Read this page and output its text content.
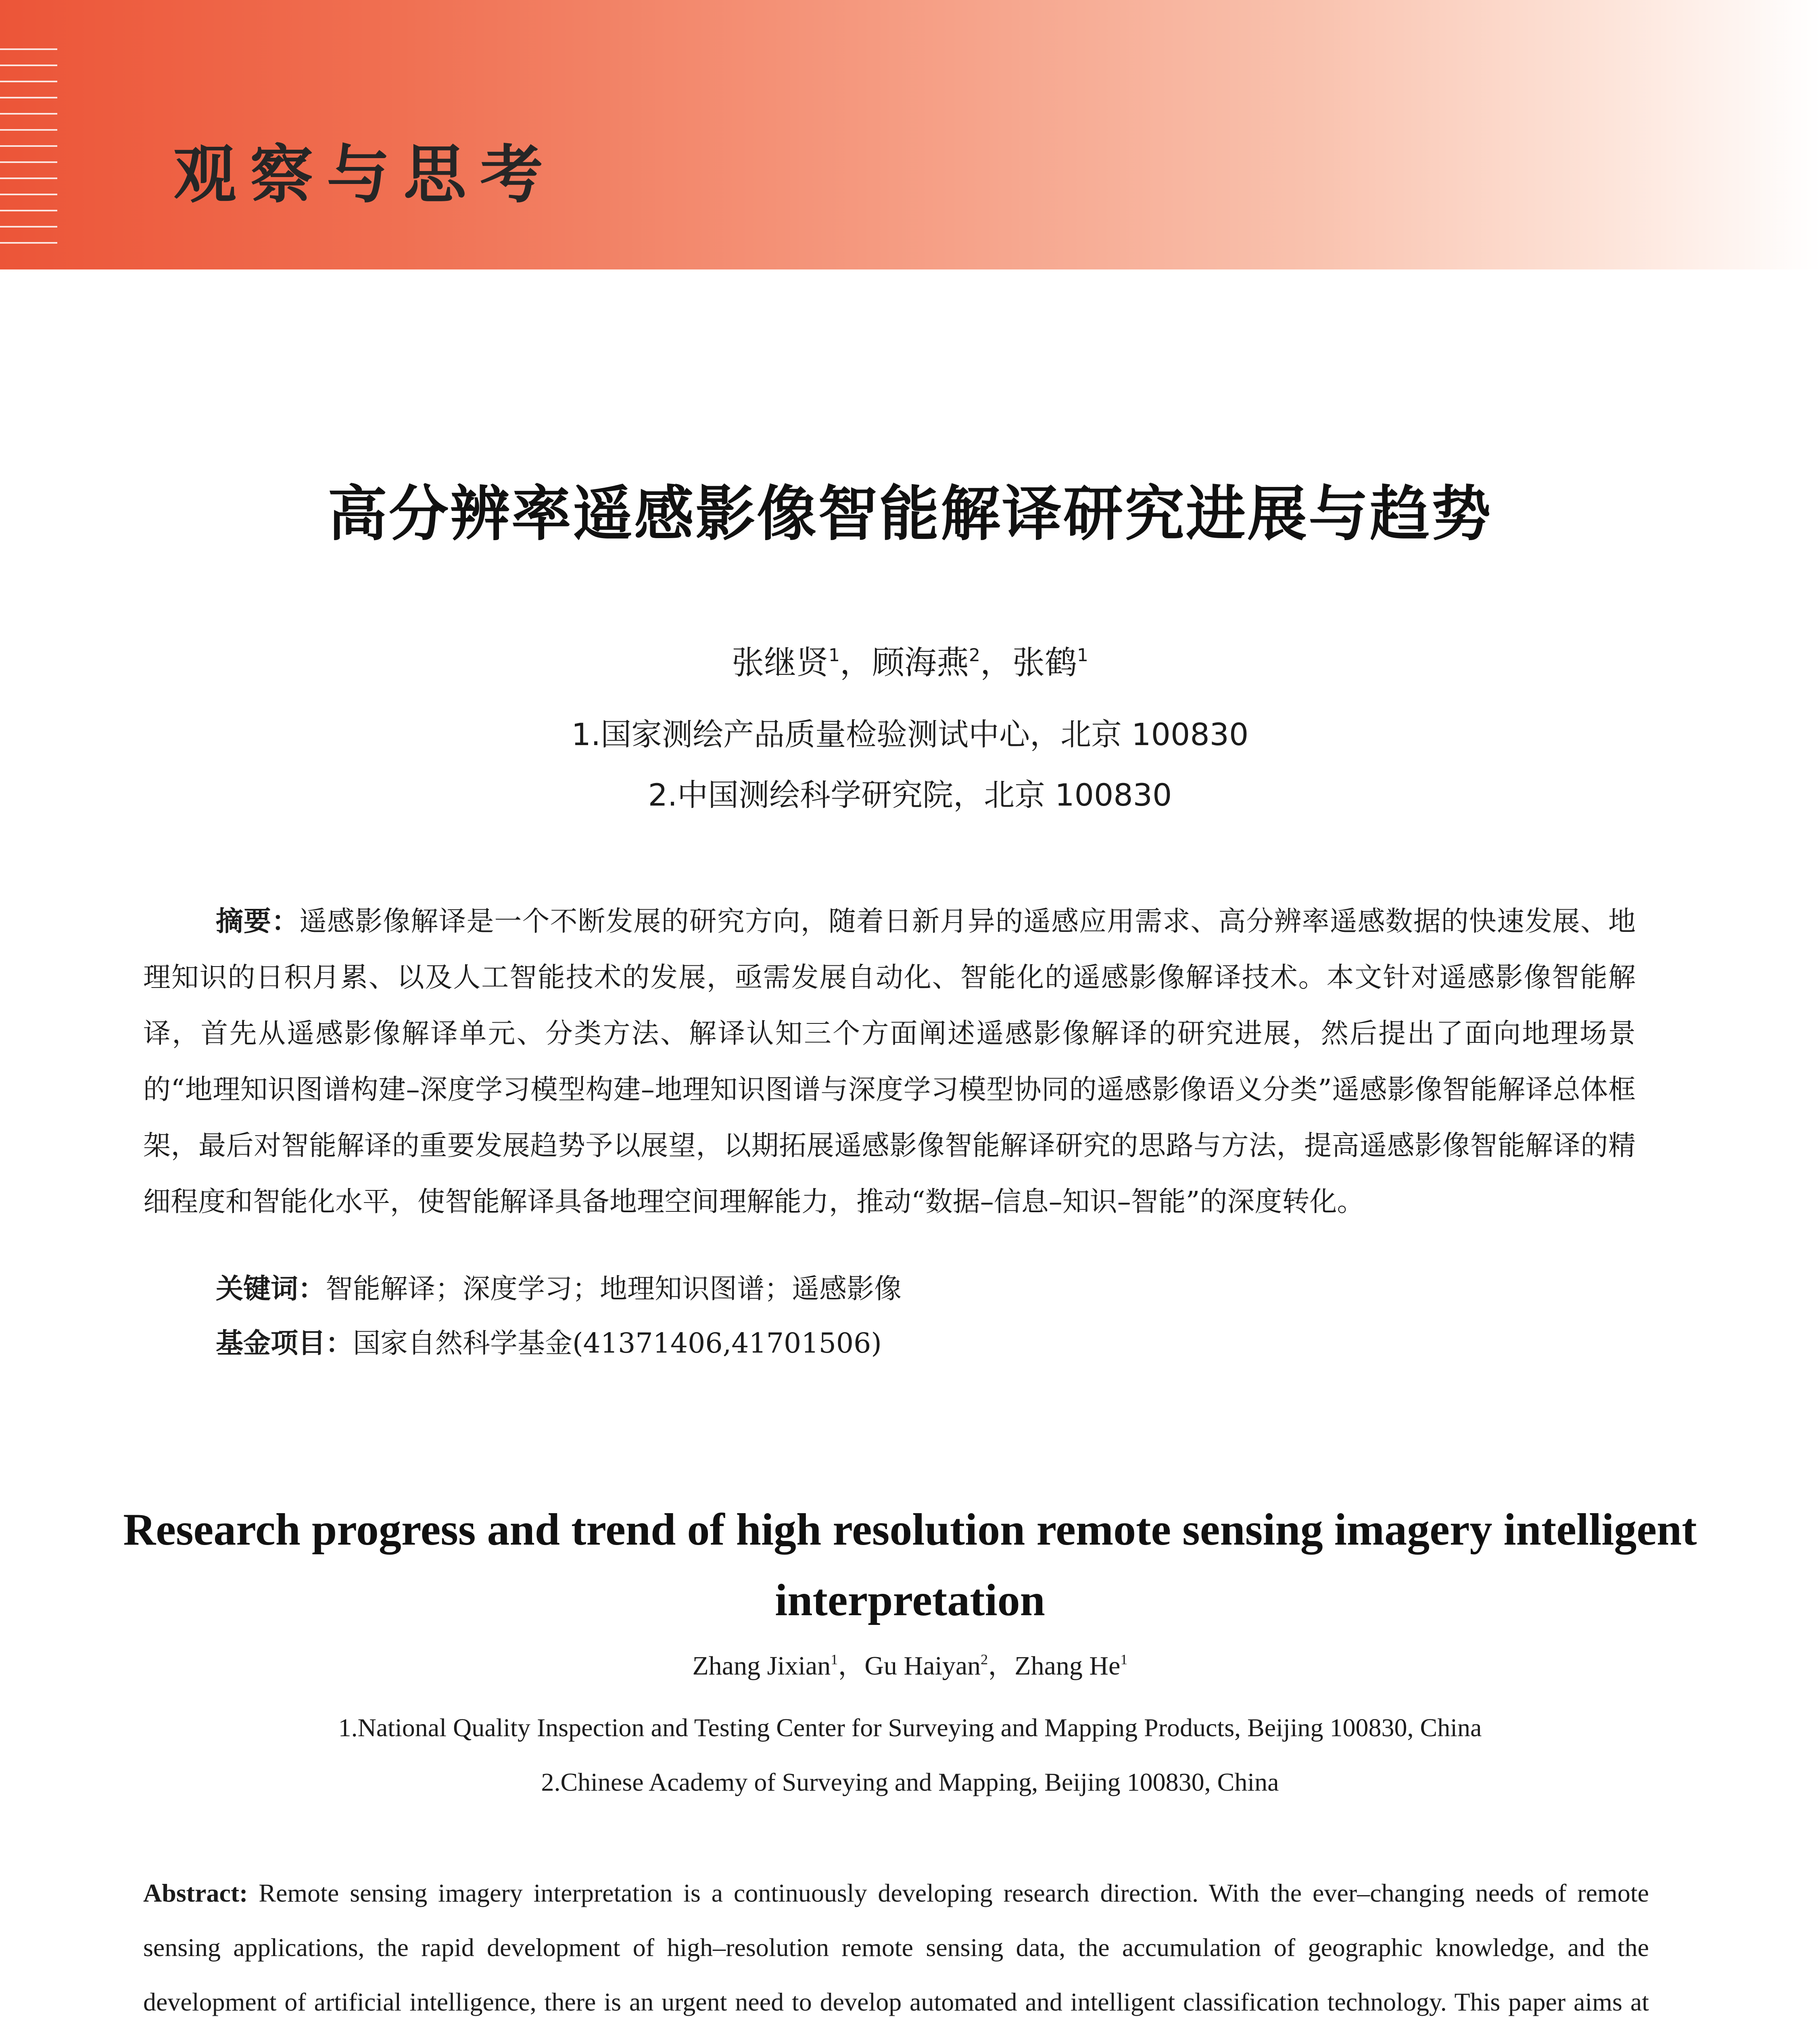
观察与思考
高分辨率遥感影像智能解译研究进展与趋势
张继贤$^1$，顾海燕$^2$，张鹤$^1$
1.国家测绘产品质量检验测试中心，北京 100830
2.中国测绘科学研究院，北京 100830
摘要：遥感影像解译是一个不断发展的研究方向，随着日新月异的遥感应用需求、高分辨率遥感数据的快速发展、地理知识的日积月累、以及人工智能技术的发展，亟需发展自动化、智能化的遥感影像解译技术。本文针对遥感影像智能解译，首先从遥感影像解译单元、分类方法、解译认知三个方面阐述遥感影像解译的研究进展，然后提出了面向地理场景的“地理知识图谱构建–深度学习模型构建–地理知识图谱与深度学习模型协同的遥感影像语义分类”遥感影像智能解译总体框架，最后对智能解译的重要发展趋势予以展望，以期拓展遥感影像智能解译研究的思路与方法，提高遥感影像智能解译的精细程度和智能化水平，使智能解译具备地理空间理解能力，推动“数据–信息–知识–智能”的深度转化。
关键词：智能解译；深度学习；地理知识图谱；遥感影像
基金项目：国家自然科学基金(41371406,41701506)
Research progress and trend of high resolution remote sensing imagery intelligent interpretation
Zhang Jixian$^1$，Gu Haiyan$^2$，Zhang He$^1$
1.National Quality Inspection and Testing Center for Surveying and Mapping Products, Beijing 100830, China
2.Chinese Academy of Surveying and Mapping, Beijing 100830, China
Abstract: Remote sensing imagery interpretation is a continuously developing research direction. With the ever–changing needs of remote sensing applications, the rapid development of high–resolution remote sensing data, the accumulation of geographic knowledge, and the development of artificial intelligence, there is an urgent need to develop automated and intelligent classification technology. This paper aims at
